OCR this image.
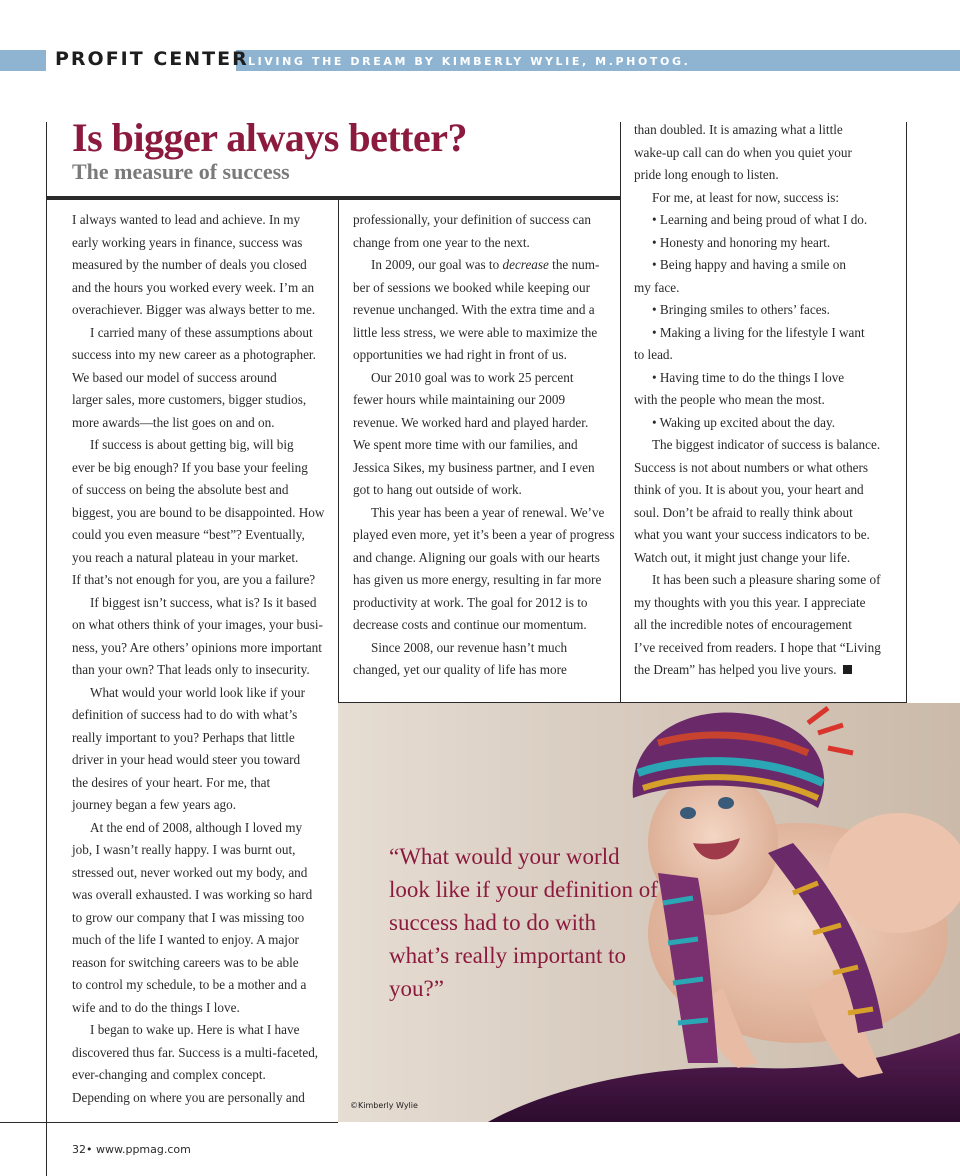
PROFIT CENTER LIVING THE DREAM BY KIMBERLY WYLIE, M.PHOTOG.
Is bigger always better?
The measure of success

I always wanted to lead and achieve. In my

early working years in finance, success was

measured by the number of deals you closed

and the hours you worked every week. I’m an

overachiever. Bigger was always better to me.

I carried many of these assumptions about

success into my new career as a photographer.

We based our model of success around

larger sales, more customers, bigger studios,

more awards—the list goes on and on.

If success is about getting big, will big

ever be big enough? If you base your feeling

of success on being the absolute best and

biggest, you are bound to be disappointed. How

could you even measure “best”? Eventually,

you reach a natural plateau in your market.

If that’s not enough for you, are you a failure?

If biggest isn’t success, what is? Is it based

on what others think of your images, your busi-

ness, you? Are others’ opinions more important

than your own? That leads only to insecurity.

What would your world look like if your

definition of success had to do with what’s

really important to you? Perhaps that little

driver in your head would steer you toward

the desires of your heart. For me, that

journey began a few years ago.

At the end of 2008, although I loved my

job, I wasn’t really happy. I was burnt out,

stressed out, never worked out my body, and

was overall exhausted. I was working so hard

to grow our company that I was missing too

much of the life I wanted to enjoy. A major

reason for switching careers was to be able

to control my schedule, to be a mother and a

wife and to do the things I love.

I began to wake up. Here is what I have

discovered thus far. Success is a multi-faceted,

ever-changing and complex concept.

Depending on where you are personally and

professionally, your definition of success can

change from one year to the next.

In 2009, our goal was to decrease the num-

ber of sessions we booked while keeping our

revenue unchanged. With the extra time and a

little less stress, we were able to maximize the

opportunities we had right in front of us.

Our 2010 goal was to work 25 percent

fewer hours while maintaining our 2009

revenue. We worked hard and played harder.

We spent more time with our families, and

Jessica Sikes, my business partner, and I even

got to hang out outside of work.

This year has been a year of renewal. We’ve

played even more, yet it’s been a year of progress

and change. Aligning our goals with our hearts

has given us more energy, resulting in far more

productivity at work. The goal for 2012 is to

decrease costs and continue our momentum.

Since 2008, our revenue hasn’t much

changed, yet our quality of life has more

than doubled. It is amazing what a little

wake-up call can do when you quiet your

pride long enough to listen.

For me, at least for now, success is:

• Learning and being proud of what I do.

• Honesty and honoring my heart.

• Being happy and having a smile on

my face.

• Bringing smiles to others’ faces.

• Making a living for the lifestyle I want

to lead.

• Having time to do the things I love

with the people who mean the most.

• Waking up excited about the day.

The biggest indicator of success is balance.

Success is not about numbers or what others

think of you. It is about you, your heart and

soul. Don’t be afraid to really think about

what you want your success indicators to be.

Watch out, it might just change your life.

It has been such a pleasure sharing some of

my thoughts with you this year. I appreciate

all the incredible notes of encouragement

I’ve received from readers. I hope that “Living

the Dream” has helped you live yours.

“What would your world look like if your definition of success had to do with what’s really important to you?”
©Kimberly Wylie
32• www.ppmag.com
